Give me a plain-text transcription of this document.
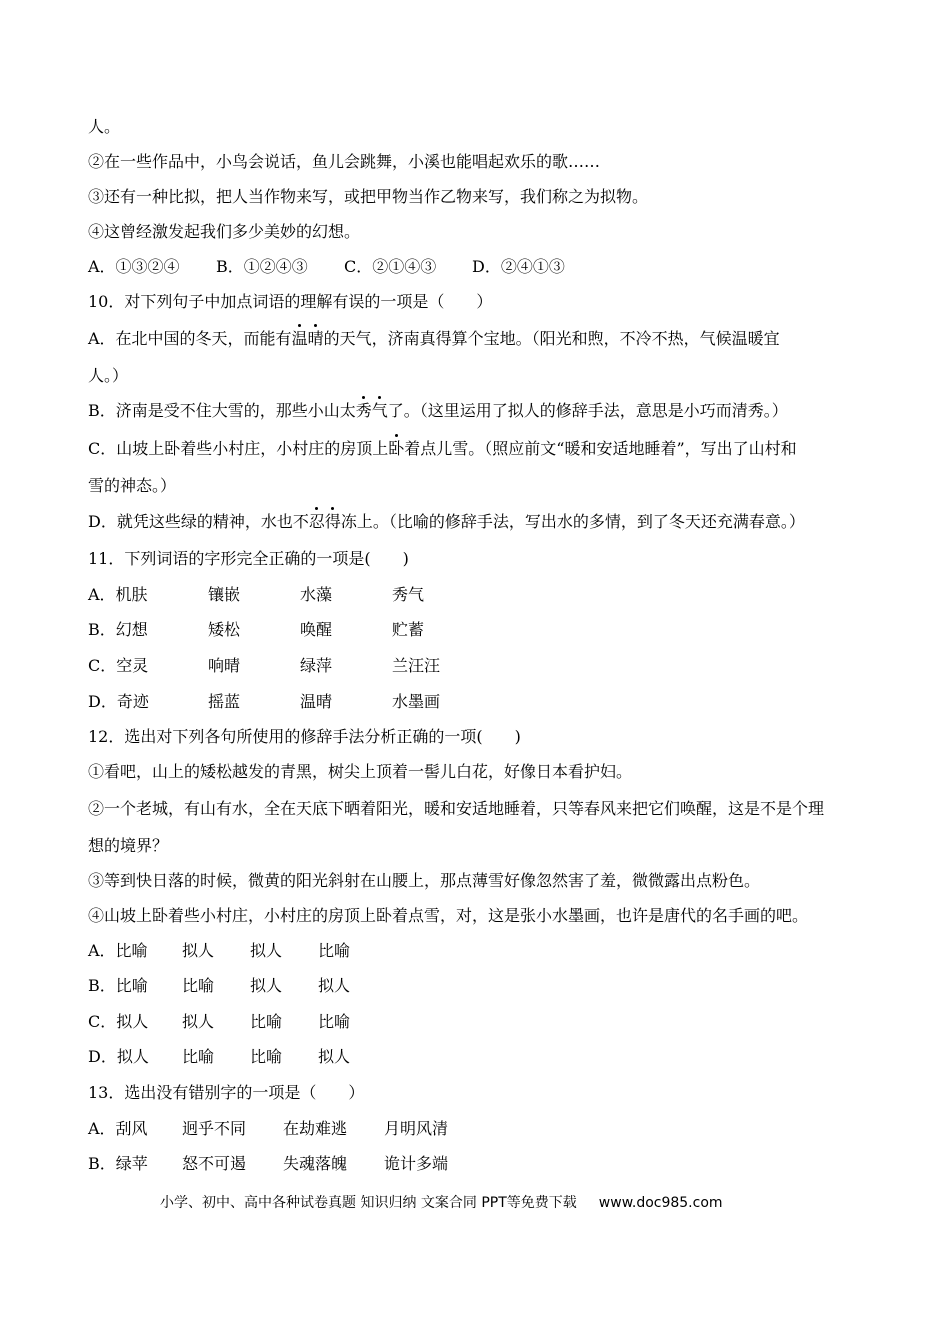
人。
②在一些作品中，小鸟会说话，鱼儿会跳舞，小溪也能唱起欢乐的歌……
③还有一种比拟，把人当作物来写，或把甲物当作乙物来写，我们称之为拟物。
④这曾经激发起我们多少美妙的幻想。
A．①③②④ B．①②④③ C．②①④③ D．②④①③
10．对下列句子中加点词语的理解有误的一项是（　　）
A．在北中国的冬天，而能有温晴的天气，济南真得算个宝地。（阳光和煦，不冷不热，气候温暖宜
人。）
B．济南是受不住大雪的，那些小山太秀气了。（这里运用了拟人的修辞手法，意思是小巧而清秀。）
C．山坡上卧着些小村庄，小村庄的房顶上卧着点儿雪。（照应前文“暖和安适地睡着”，写出了山村和
雪的神态。）
D．就凭这些绿的精神，水也不忍得冻上。（比喻的修辞手法，写出水的多情，到了冬天还充满春意。）
11．下列词语的字形完全正确的一项是(　　)
A．机肤	镶嵌	水藻	秀气
B．幻想	矮松	唤醒	贮蓄
C．空灵	响晴	绿萍	兰汪汪
D．奇迹	摇蓝	温晴	水墨画
12．选出对下列各句所使用的修辞手法分析正确的一项(　　)
①看吧，山上的矮松越发的青黑，树尖上顶着一髻儿白花，好像日本看护妇。
②一个老城，有山有水，全在天底下晒着阳光，暖和安适地睡着，只等春风来把它们唤醒，这是不是个理
想的境界？
③等到快日落的时候，微黄的阳光斜射在山腰上，那点薄雪好像忽然害了羞，微微露出点粉色。
④山坡上卧着些小村庄，小村庄的房顶上卧着点雪，对，这是张小水墨画，也许是唐代的名手画的吧。
A．比喻 拟人 拟人 比喻
B．比喻 比喻 拟人 拟人
C．拟人 拟人 比喻 比喻
D．拟人 比喻 比喻 拟人
13．选出没有错别字的一项是（　　）
A．刮风 迥乎不同 在劫难逃 月明风清
B．绿苹 怒不可遏 失魂落魄 诡计多端
小学、初中、高中各种试卷真题 知识归纳 文案合同 PPT等免费下载 www.doc985.com
